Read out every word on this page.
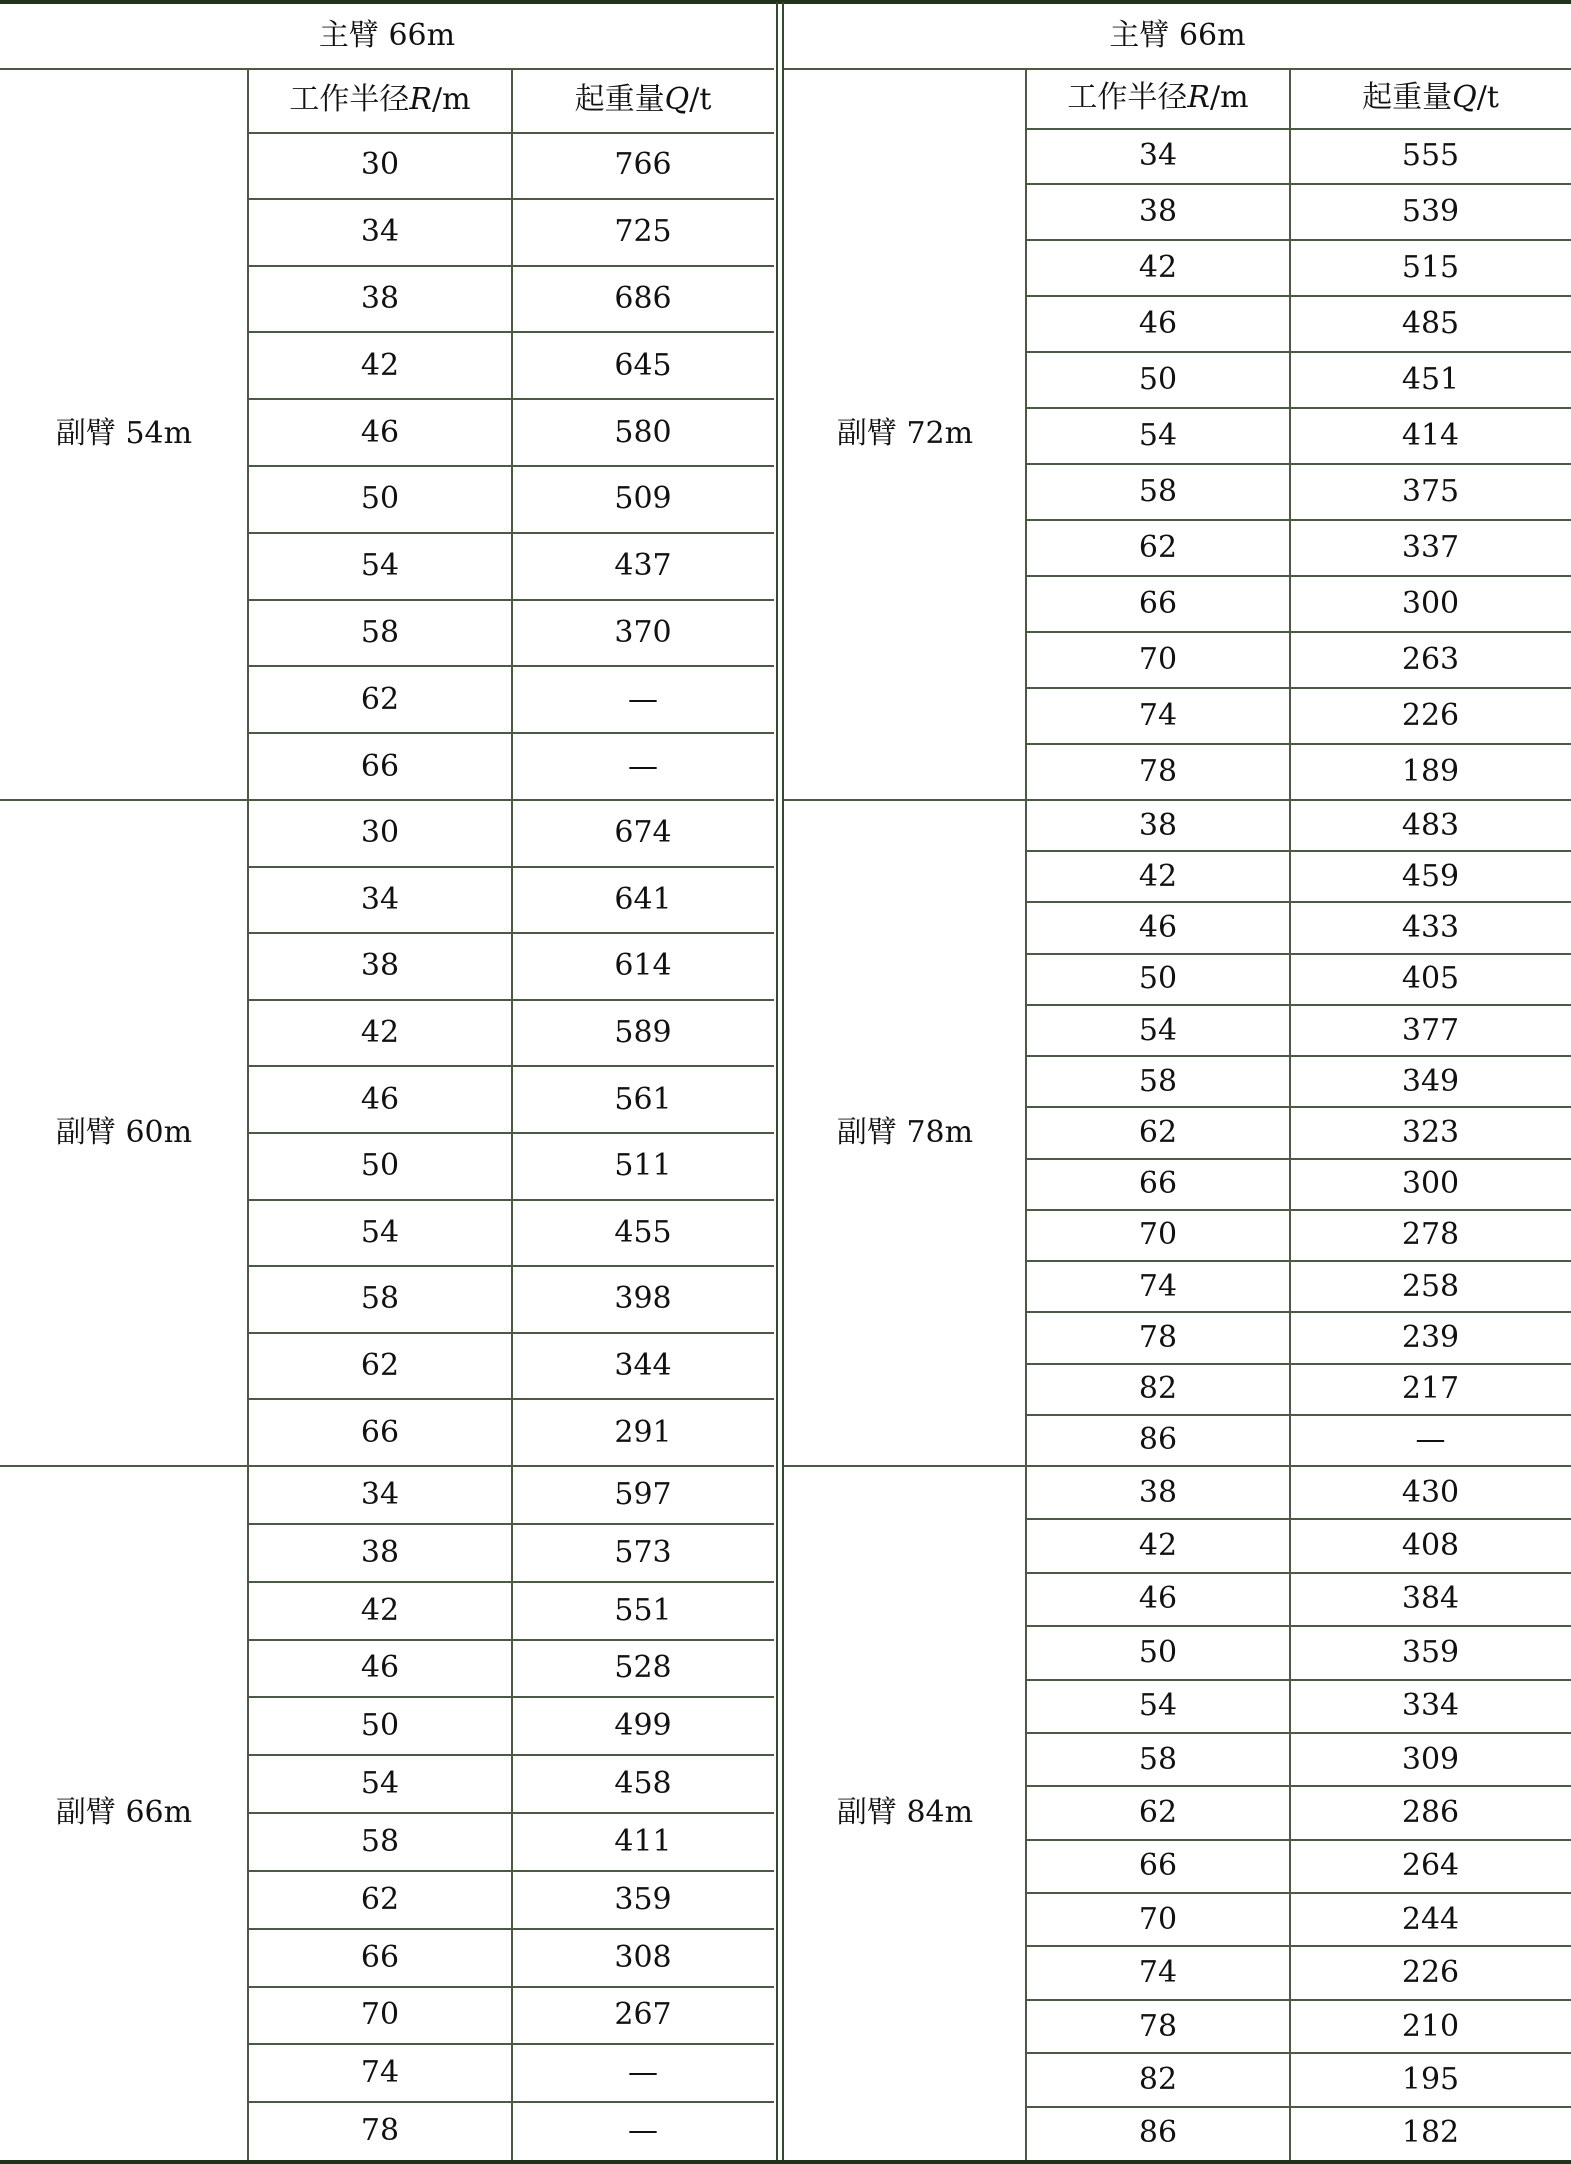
主臂 66m
工作半径 R /m	起重量 Q /t
副臂 54m
30	766
34	725
38	686
42	645
46	580
50	509
54	437
58	370
62	—
66	—
副臂 60m
30	674
34	641
38	614
42	589
46	561
50	511
54	455
58	398
62	344
66	291
副臂 66m
34	597
38	573
42	551
46	528
50	499
54	458
58	411
62	359
66	308
70	267
74	—
78	—
主臂 66m
工作半径 R /m	起重量 Q /t
副臂 72m
34	555
38	539
42	515
46	485
50	451
54	414
58	375
62	337
66	300
70	263
74	226
78	189
副臂 78m
38	483
42	459
46	433
50	405
54	377
58	349
62	323
66	300
70	278
74	258
78	239
82	217
86	—
副臂 84m
38	430
42	408
46	384
50	359
54	334
58	309
62	286
66	264
70	244
74	226
78	210
82	195
86	182
